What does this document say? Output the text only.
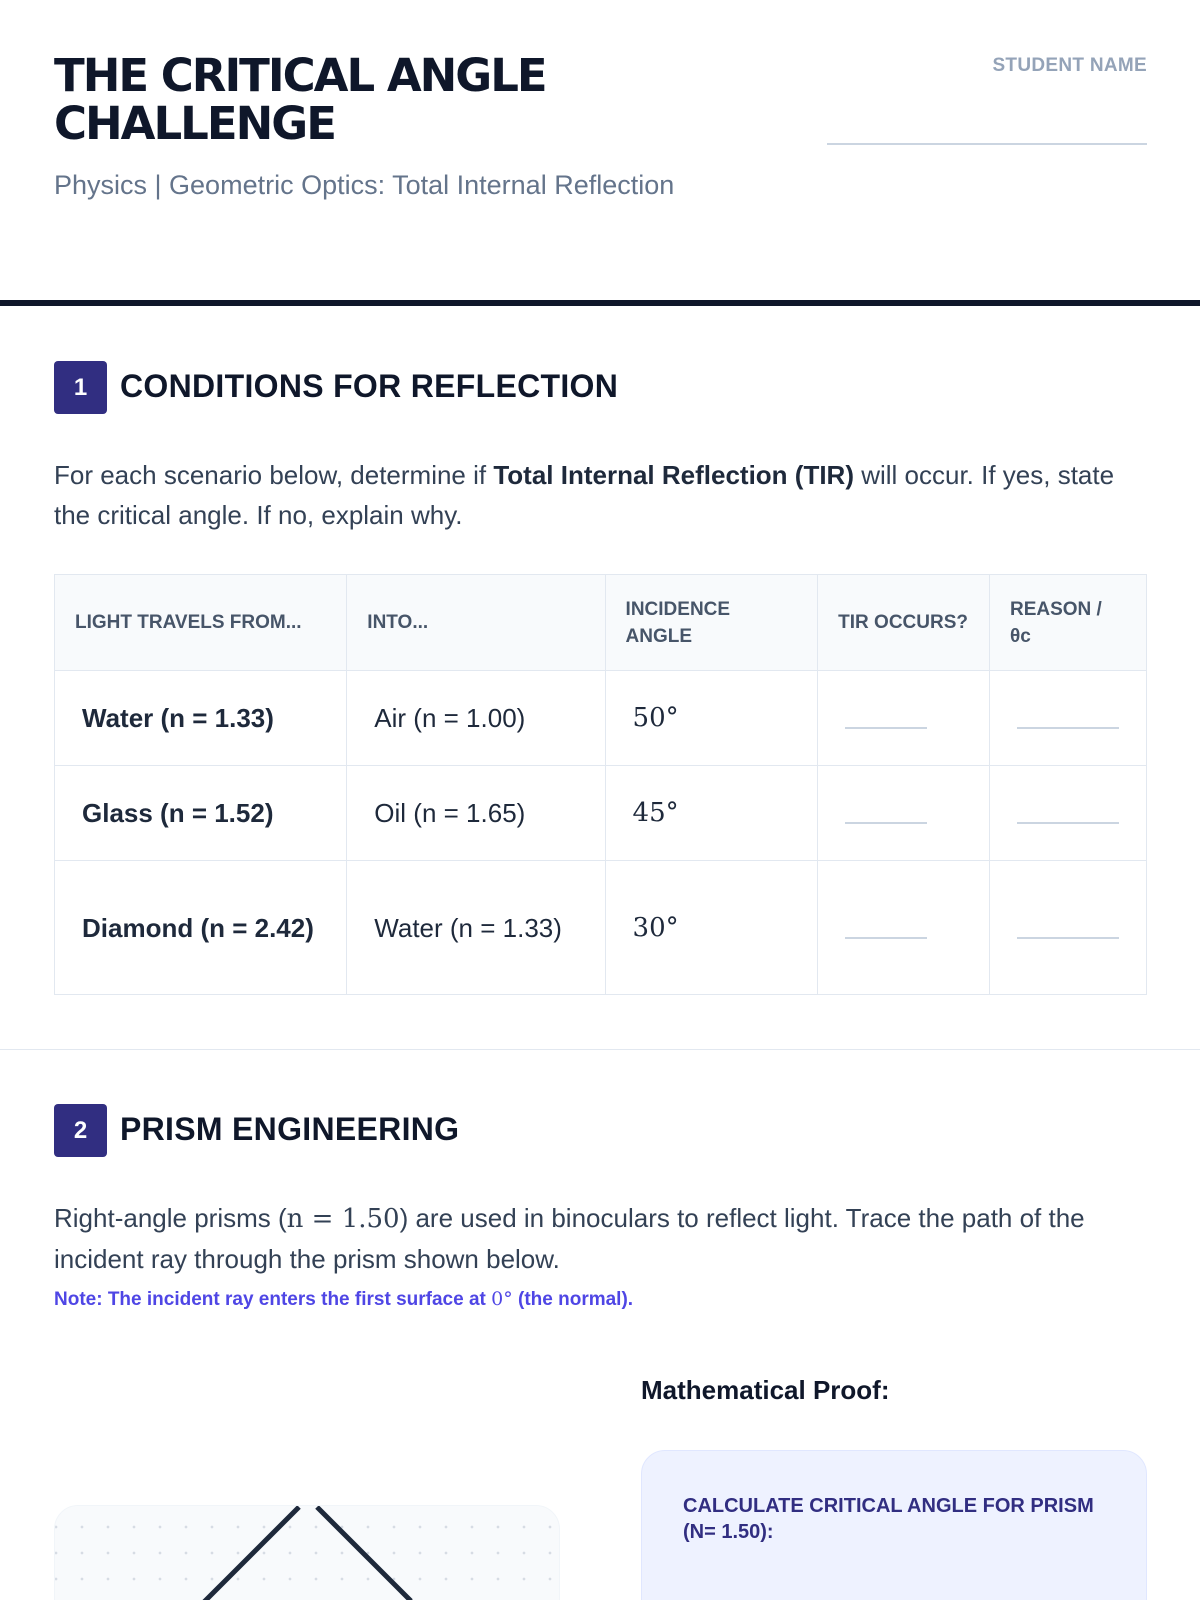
THE CRITICAL ANGLE CHALLENGE
Physics | Geometric Optics: Total Internal Reflection
STUDENT NAME
1	CONDITIONS FOR REFLECTION
For each scenario below, determine if Total Internal Reflection (TIR) will occur. If yes, state the critical angle. If no, explain why.
LIGHT TRAVELS FROM...	INTO...	INCIDENCE ANGLE	TIR OCCURS?	REASON / θc
Water (n = 1.33)	Air (n = 1.00)	50°	

Glass (n = 1.52)	Oil (n = 1.65)	45°	

Diamond (n = 2.42)	Water (n = 1.33)	30°	

2	PRISM ENGINEERING
Right-angle prisms (n = 1.50) are used in binoculars to reflect light. Trace the path of the incident ray through the prism shown below.
Note: The incident ray enters the first surface at 0° (the normal).
Mathematical Proof:
CALCULATE CRITICAL ANGLE FOR PRISM (N= 1.50):
